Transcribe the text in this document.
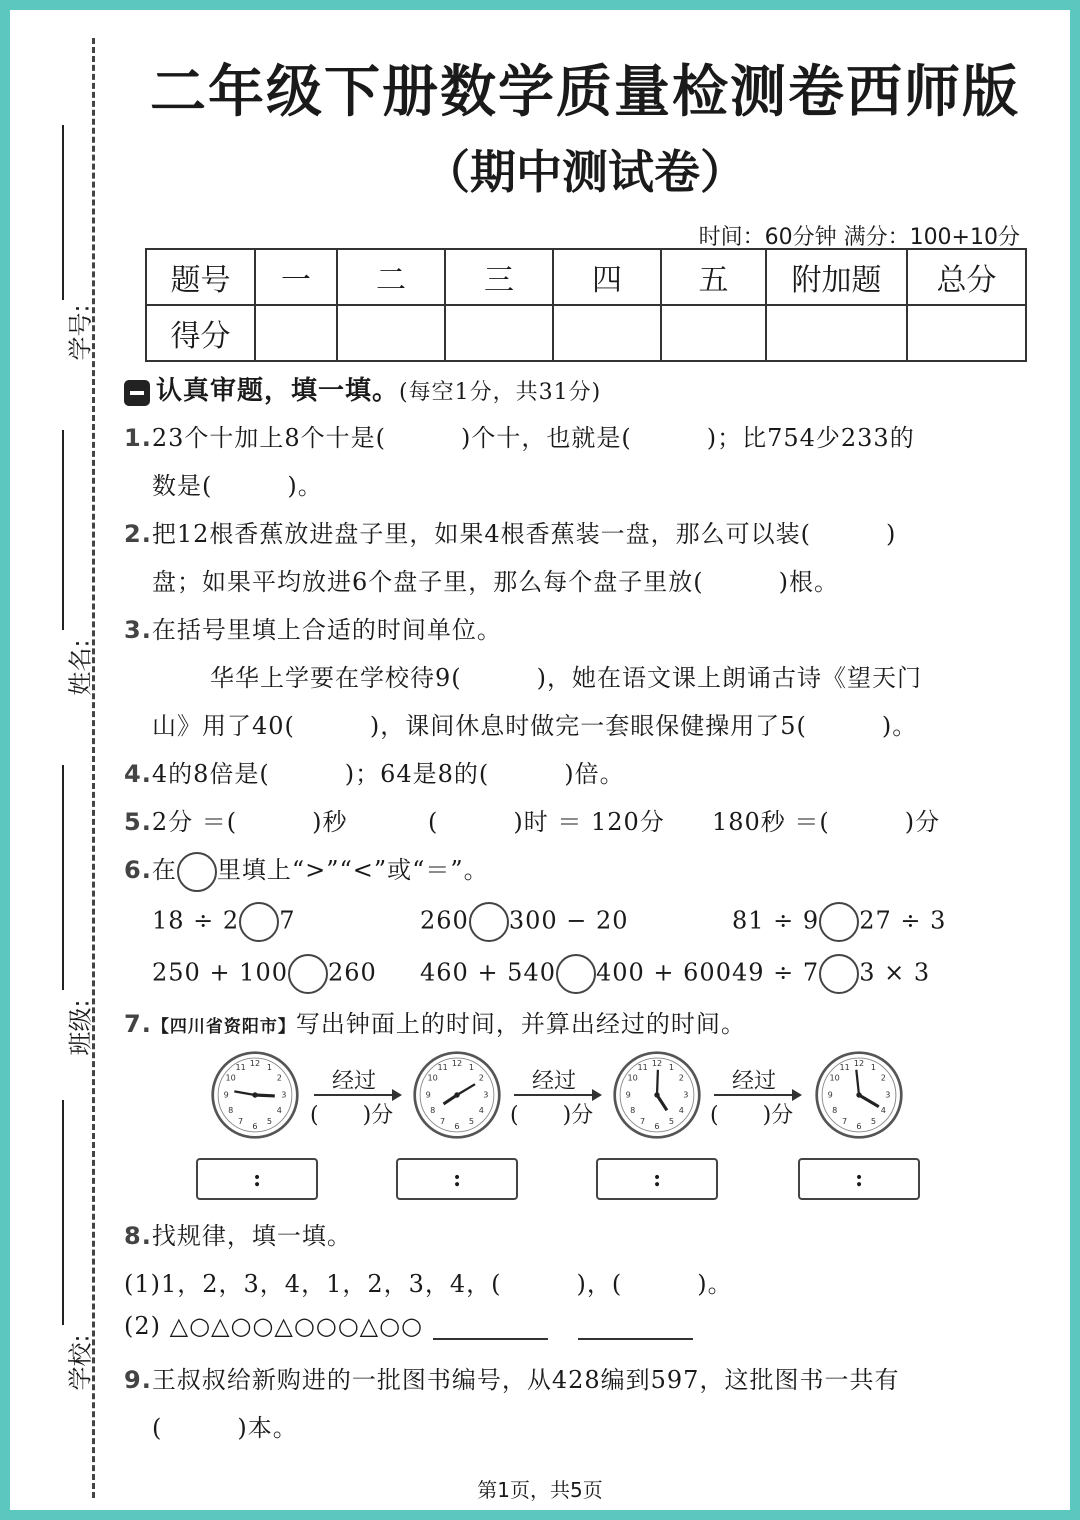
学号:
姓名:
班级:
学校:
二年级下册数学质量检测卷西师版
（期中测试卷）
时间：60分钟 满分：100+10分
题号	一	二	三	四	五	附加题	总分
得分							
认真审题，填一填。(每空1分，共31分)
1.23个十加上8个十是(　　　)个十，也就是(　　　)；比754少233的
数是(　　　)。
2.把12根香蕉放进盘子里，如果4根香蕉装一盘，那么可以装(　　　)
盘；如果平均放进6个盘子里，那么每个盘子里放(　　　)根。
3.在括号里填上合适的时间单位。
华华上学要在学校待9(　　　)，她在语文课上朗诵古诗《望天门
山》用了40(　　　)，课间休息时做完一套眼保健操用了5(　　　)。
4.4的8倍是(　　　)；64是8的(　　　)倍。
5.2分 ＝(　　　)秒	(　　　)时 ＝ 120分 180秒 ＝(　　　)分
6.在 里填上“>”“<”或“＝”。
18 ÷ 2 7	260 300 − 20	81 ÷ 9 27 ÷ 3
250 + 100 260 460 + 540 400 + 600 49 ÷ 7 3 × 3
7.【四川省资阳市】写出钟面上的时间，并算出经过的时间。
12 1
2
3
4
5
6
7
8
9
10
11	12 1
2
3
4
5
6
7
8
9
10
11	12 1
2
3
4
5
6
7
8
9
10
11	12 1
2
3
4
5
6
7
8
9
10
11
经过
(　　)分
经过
(　　)分
经过
(　　)分
:	:	:	:
8.找规律，填一填。
(1)1，2，3，4，1，2，3，4，(　　　)，(　　　)。
(2) △○△○○△○○○△○○
9.王叔叔给新购进的一批图书编号，从428编到597，这批图书一共有
(　　　)本。
第1页，共5页
